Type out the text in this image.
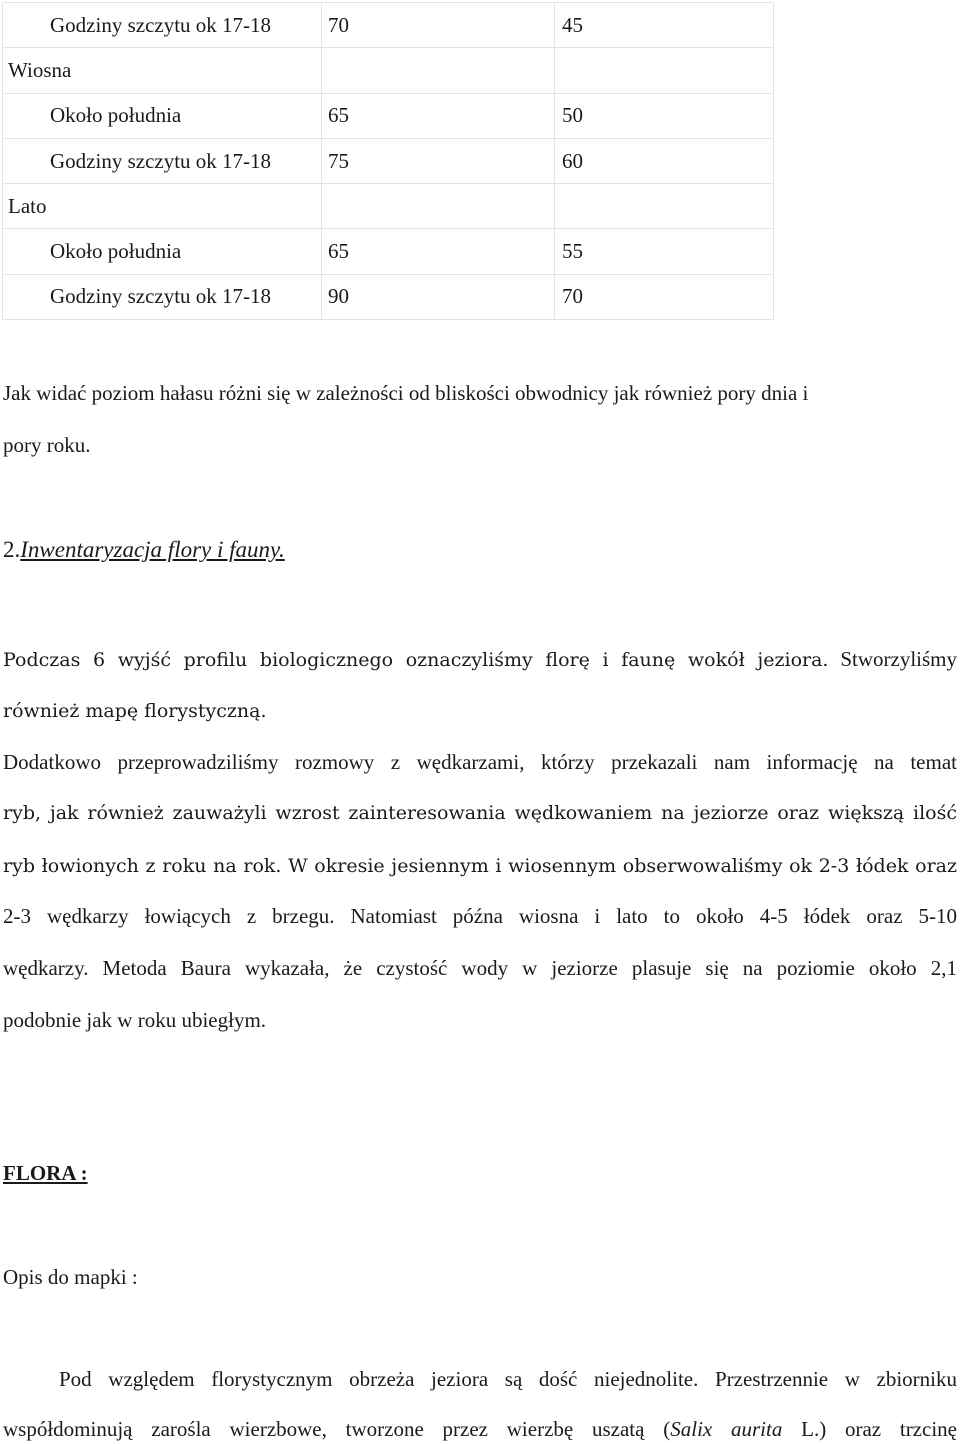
Godziny szczytu ok 17-18	70	45
Wiosna		
Około południa	65	50
Godziny szczytu ok 17-18	75	60
Lato		
Około południa	65	55
Godziny szczytu ok 17-18	90	70

Jak widać poziom hałasu różni się w zależności od bliskości obwodnicy jak również pory dnia i

pory roku.

2.Inwentaryzacja flory i fauny.

Podczas 6 wyjść profilu biologicznego oznaczyliśmy florę i faunę wokół jeziora. Stworzyliśmy

również mapę florystyczną.

Dodatkowo przeprowadziliśmy rozmowy z wędkarzami, którzy przekazali nam informację na temat

ryb, jak również zauważyli wzrost zainteresowania wędkowaniem na jeziorze oraz większą ilość

ryb łowionych z roku na rok. W okresie jesiennym i wiosennym obserwowaliśmy ok 2-3 łódek oraz

2-3 wędkarzy łowiących z brzegu. Natomiast późna wiosna i lato to około 4-5 łódek oraz 5-10

wędkarzy. Metoda Baura wykazała, że czystość wody w jeziorze plasuje się na poziomie około 2,1

podobnie jak w roku ubiegłym.

FLORA :
Opis do mapki :

Pod względem florystycznym obrzeża jeziora są dość niejednolite. Przestrzennie w zbiorniku

współdominują zarośla wierzbowe, tworzone przez wierzbę uszatą (Salix aurita L.) oraz trzcinę
